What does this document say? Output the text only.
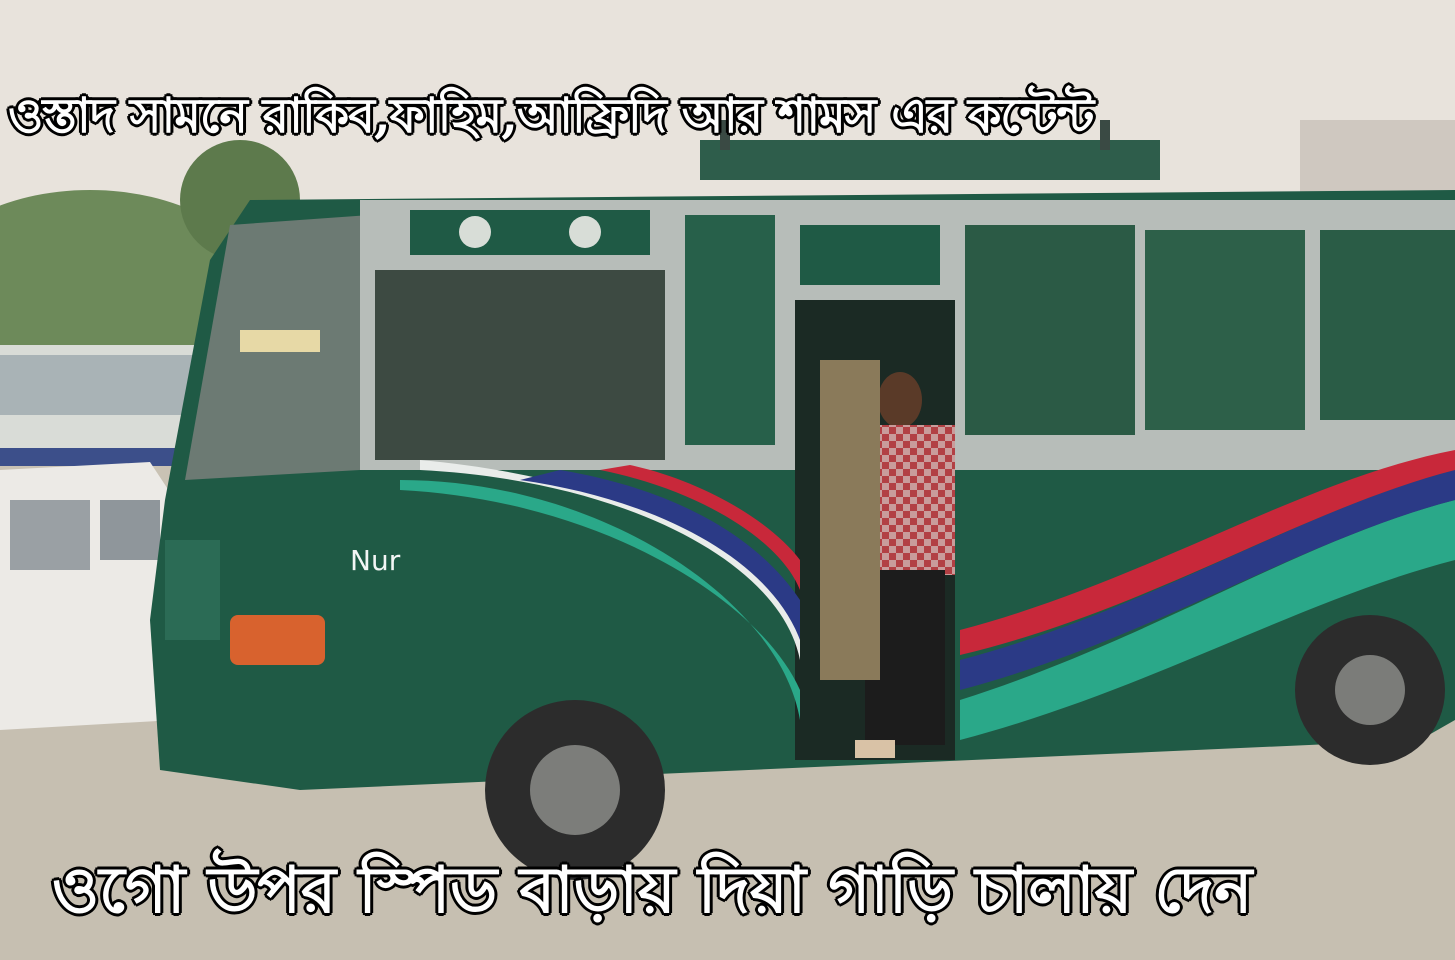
ওস্তাদ সামনে রাকিব,ফাহিম,আফ্রিদি আর শামস এর কন্টেন্ট
Nur
ওগো উপর স্পিড বাড়ায় দিয়া গাড়ি চালায় দেন
